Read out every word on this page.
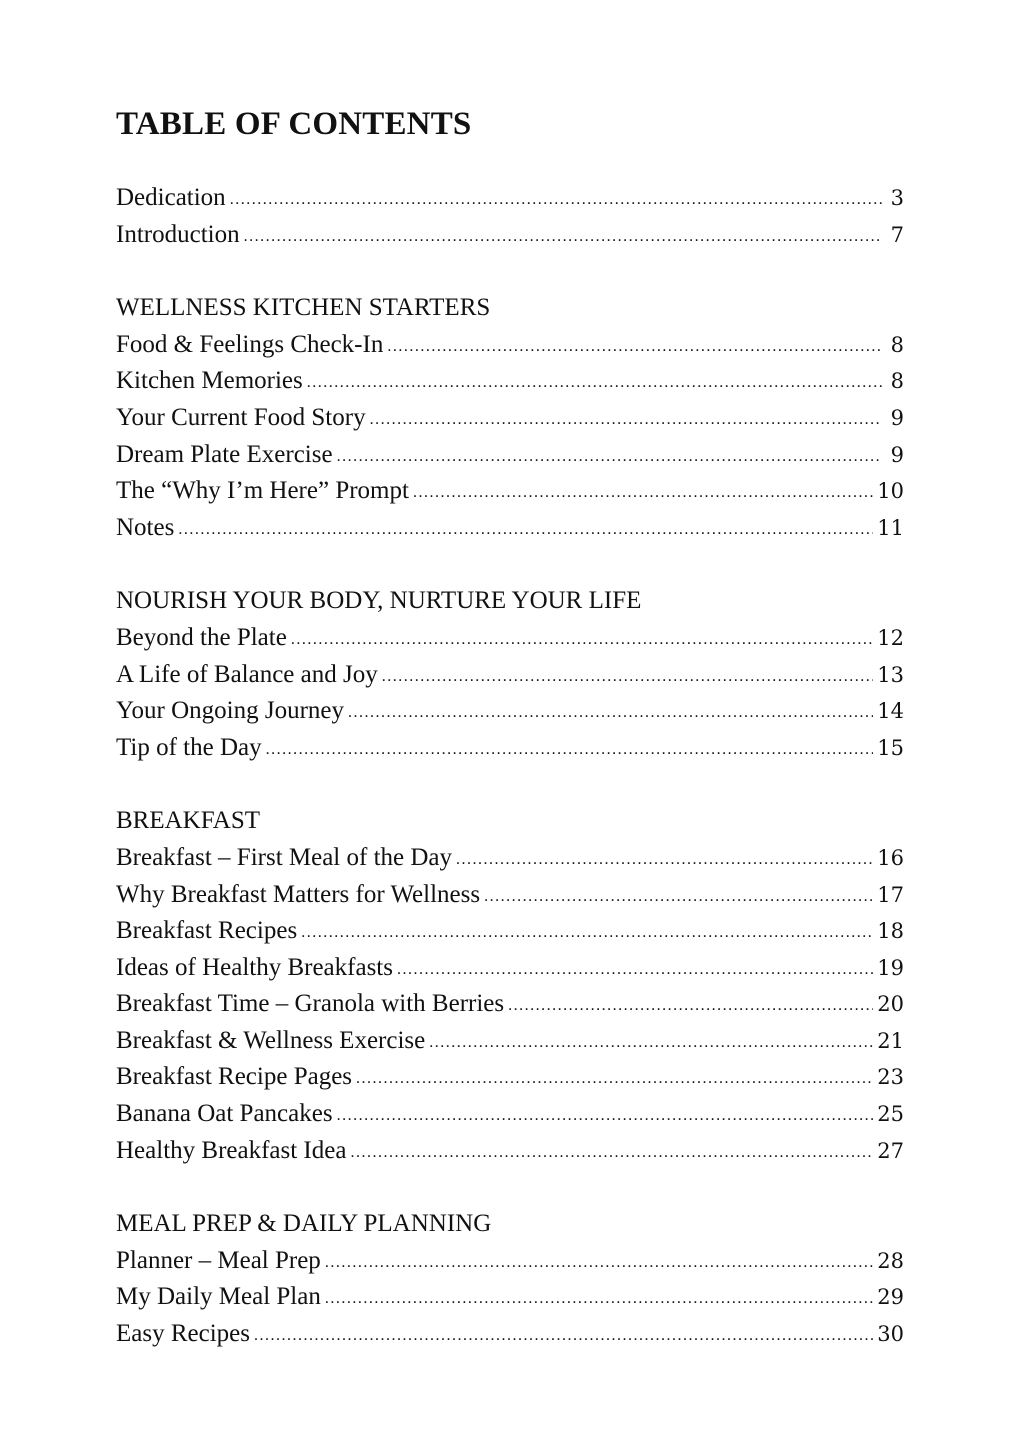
TABLE OF CONTENTS
Dedication .....	3
Introduction .....	7
WELLNESS KITCHEN STARTERS
Food & Feelings Check-In .....	8
Kitchen Memories .....	8
Your Current Food Story .....	9
Dream Plate Exercise .....	9
The “Why I’m Here” Prompt .....	10
Notes .....	11
NOURISH YOUR BODY, NURTURE YOUR LIFE
Beyond the Plate .....	12
A Life of Balance and Joy .....	13
Your Ongoing Journey .....	14
Tip of the Day .....	15
BREAKFAST
Breakfast – First Meal of the Day .....	16
Why Breakfast Matters for Wellness .....	17
Breakfast Recipes .....	18
Ideas of Healthy Breakfasts .....	19
Breakfast Time – Granola with Berries .....	20
Breakfast & Wellness Exercise .....	21
Breakfast Recipe Pages .....	23
Banana Oat Pancakes .....	25
Healthy Breakfast Idea .....	27
MEAL PREP & DAILY PLANNING
Planner – Meal Prep .....	28
My Daily Meal Plan .....	29
Easy Recipes .....	30
